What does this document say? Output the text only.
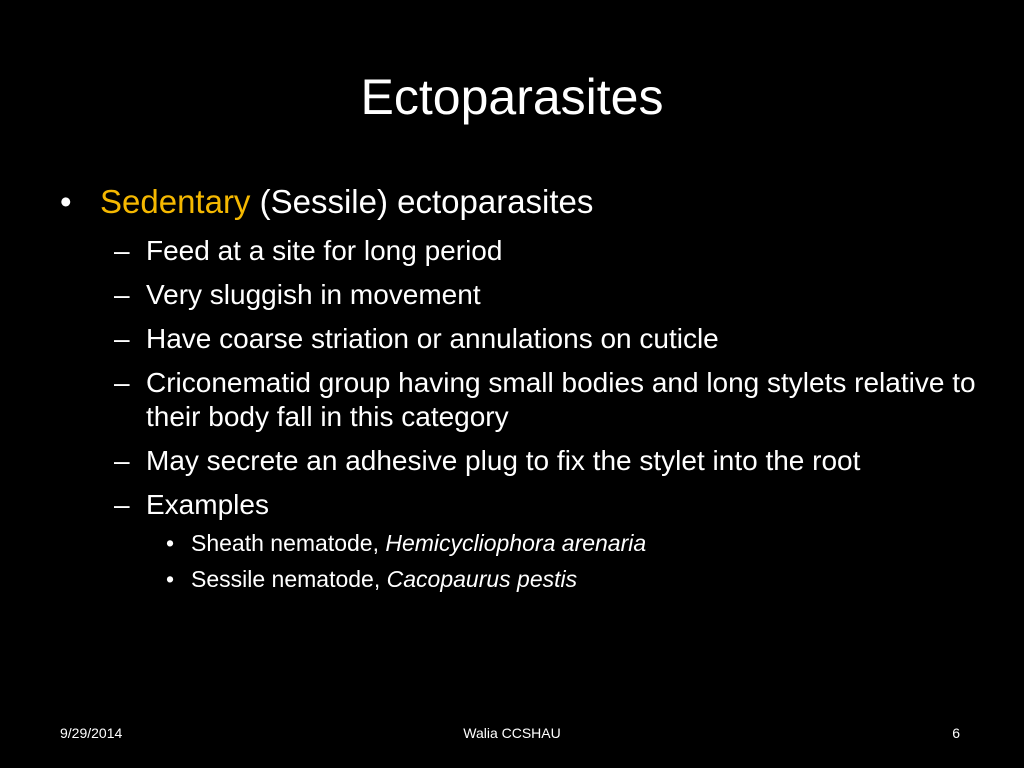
Ectoparasites
• Sedentary (Sessile) ectoparasites
– Feed at a site for long period
– Very sluggish in movement
– Have coarse striation or annulations on cuticle
– Criconematid group having small bodies and long stylets relative to their body fall in this category
– May secrete an adhesive plug to fix the stylet into the root
– Examples
• Sheath nematode, Hemicycliophora arenaria
• Sessile nematode, Cacopaurus pestis
9/29/2014	Walia CCSHAU	6
